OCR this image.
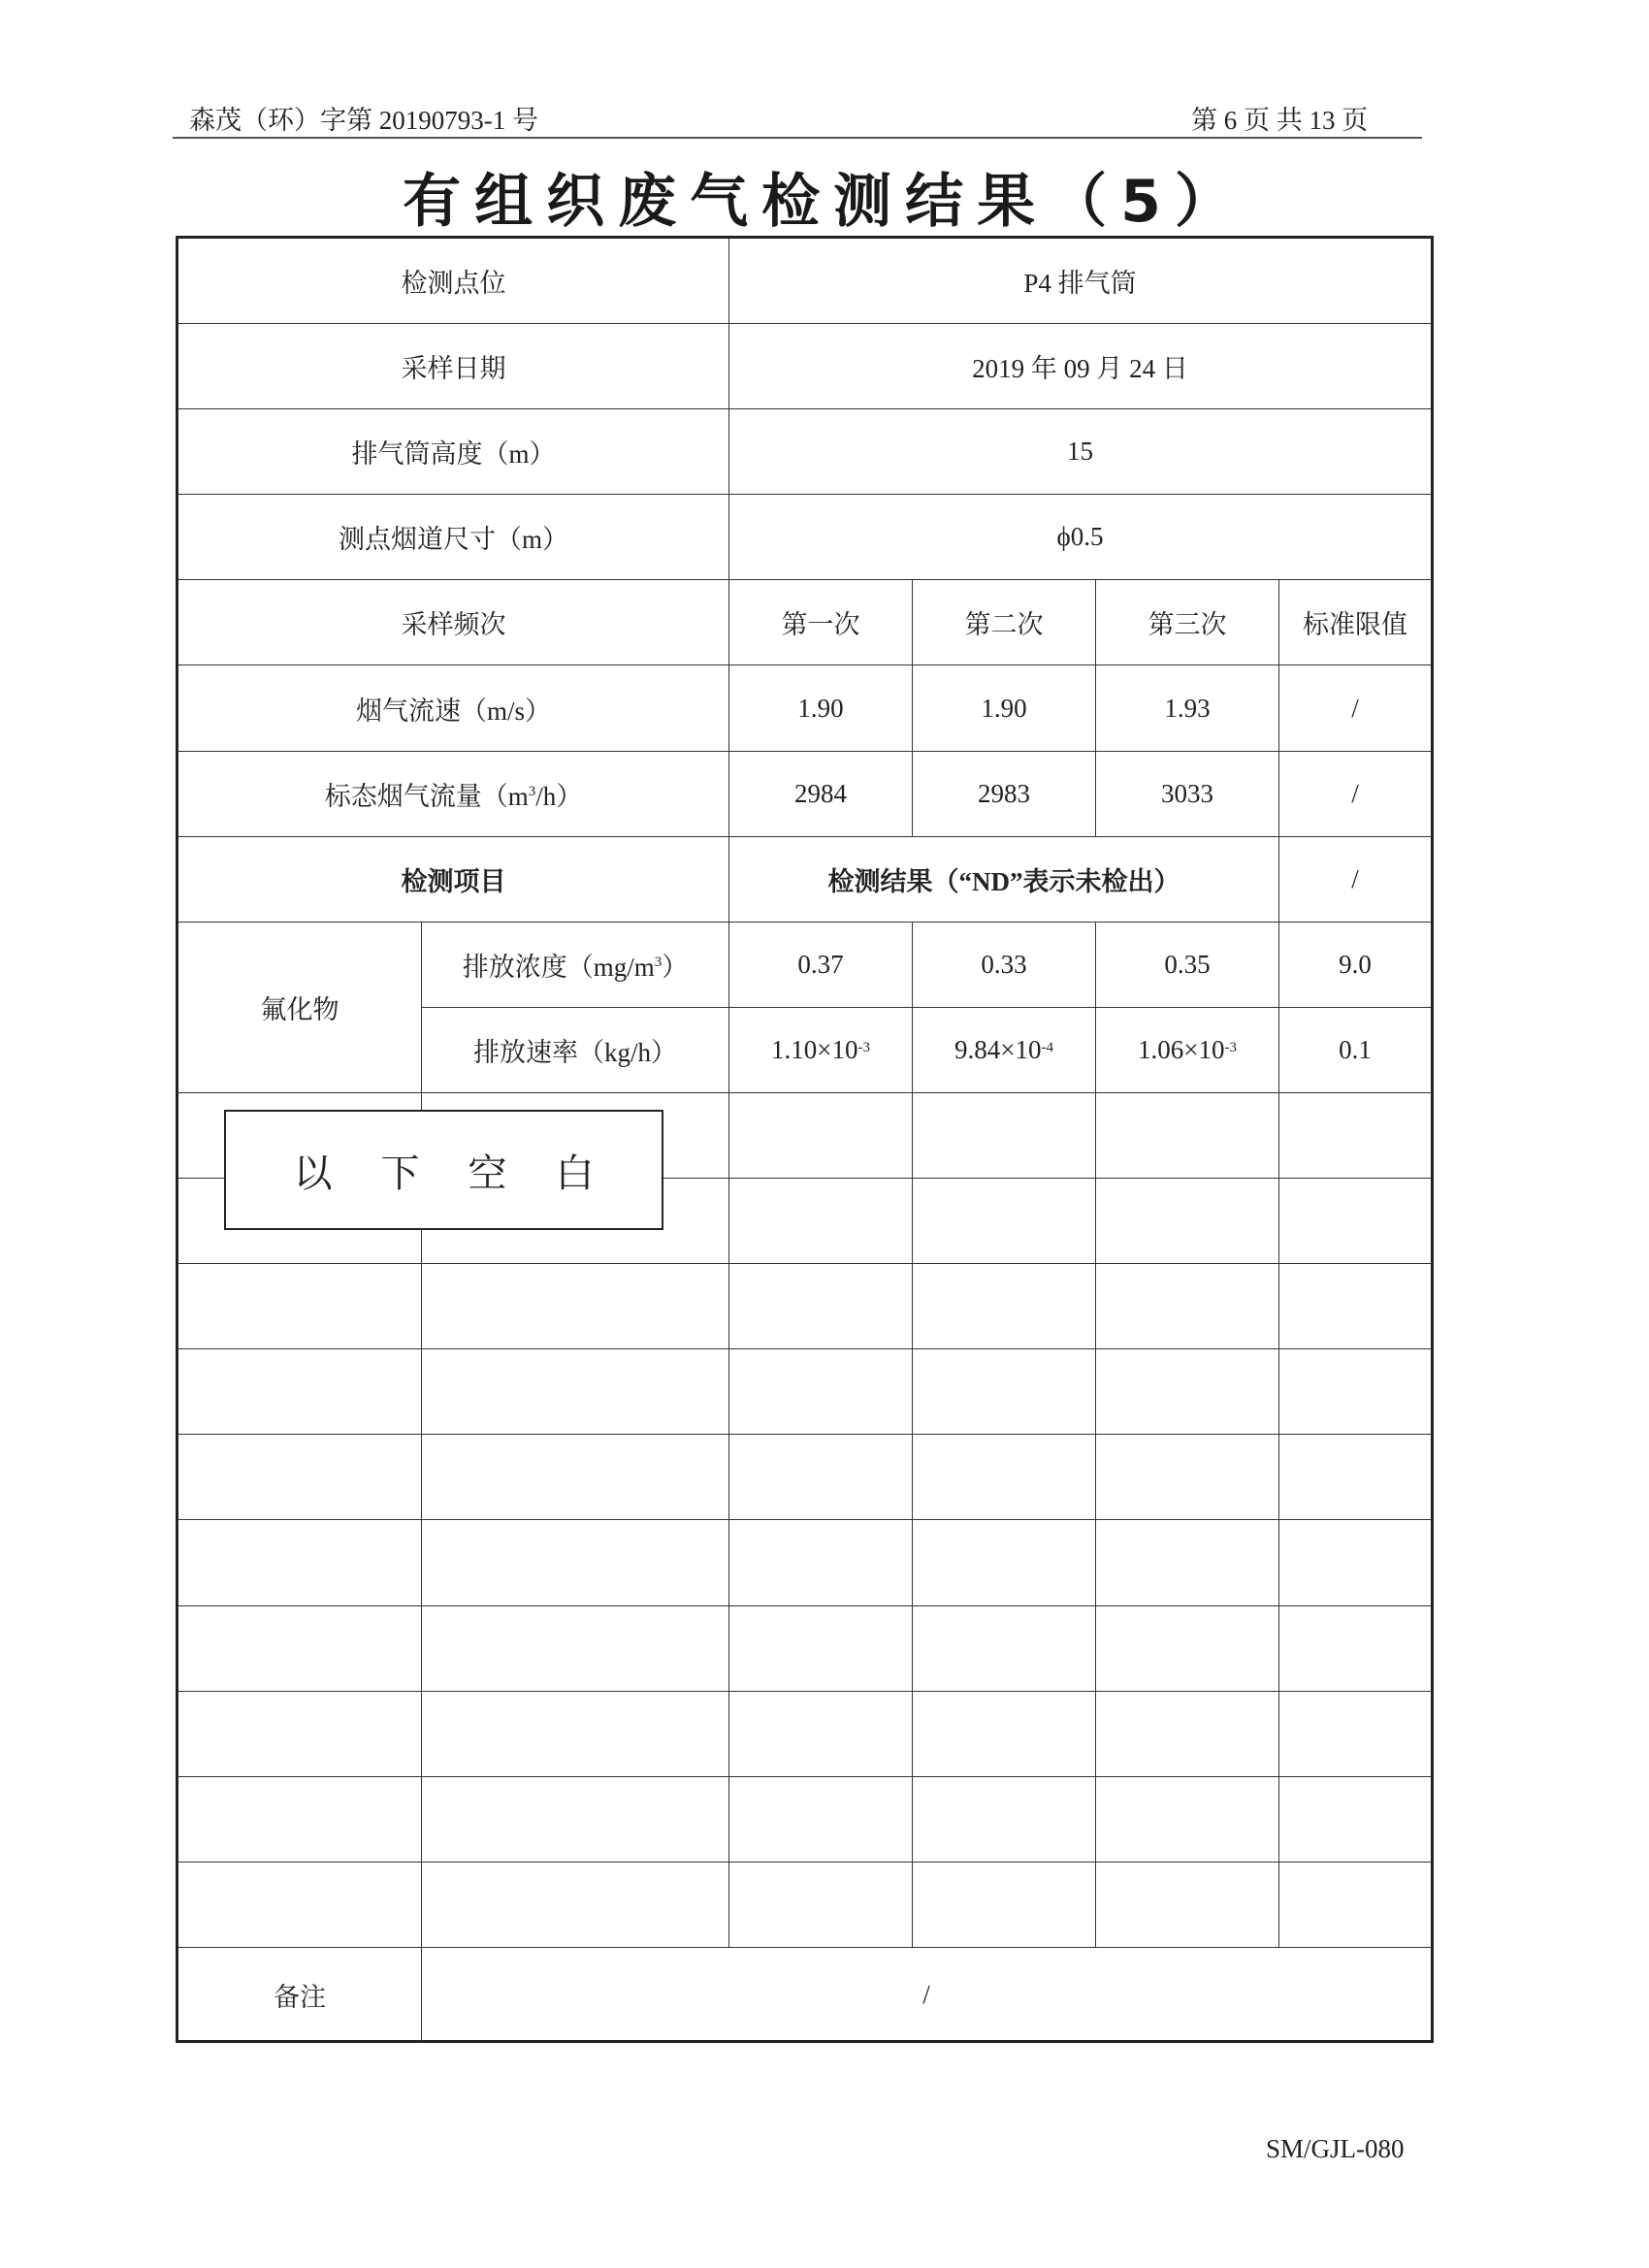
森茂（环）字第 20190793-1 号	第 6 页 共 13 页
有组织废气检测结果（5）
检测点位	P4 排气筒
采样日期	2019 年 09 月 24 日
排气筒高度（m）	15
测点烟道尺寸（m）	ϕ0.5
采样频次	第一次	第二次	第三次	标准限值
烟气流速（m/s）	1.90	1.90	1.93	/
标态烟气流量（$m^3$ /h）	2984	2983	3033	/
检测项目	检测结果（“ND”表示未检出）	/
氟化物
排放浓度（$mg/m^3$ ）	0.37	0.33	0.35	9.0
排放速率（kg/h）	$1.10\times 10^{-3}$	$9.84\times 10^{-4}$	$1.06\times 10^{-3}$	0.1
备注	/
以下空白
SM/GJL-080
